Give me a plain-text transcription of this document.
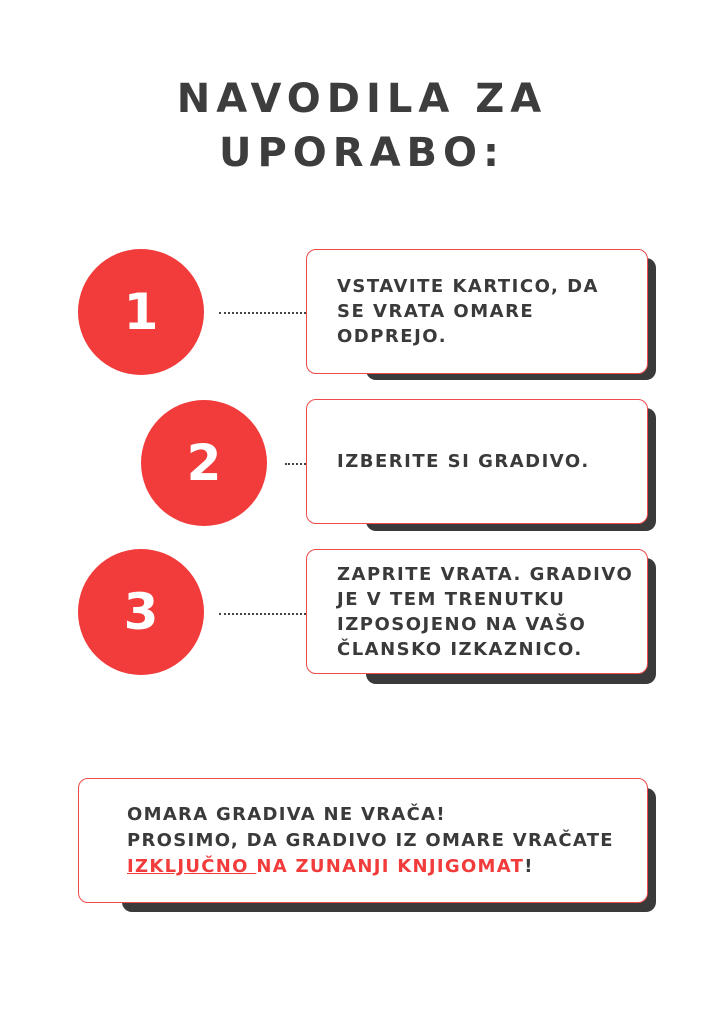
NAVODILA ZA
UPORABO:
1	VSTAVITE KARTICO, DA
SE VRATA OMARE
ODPREJO.
2	IZBERITE SI GRADIVO.
3
ZAPRITE VRATA. GRADIVO
JE V TEM TRENUTKU
IZPOSOJENO NA VAŠO
ČLANSKO IZKAZNICO.
OMARA GRADIVA NE VRAČA!
PROSIMO, DA GRADIVO IZ OMARE VRAČATE
IZKLJUČNO NA ZUNANJI KNJIGOMAT!
